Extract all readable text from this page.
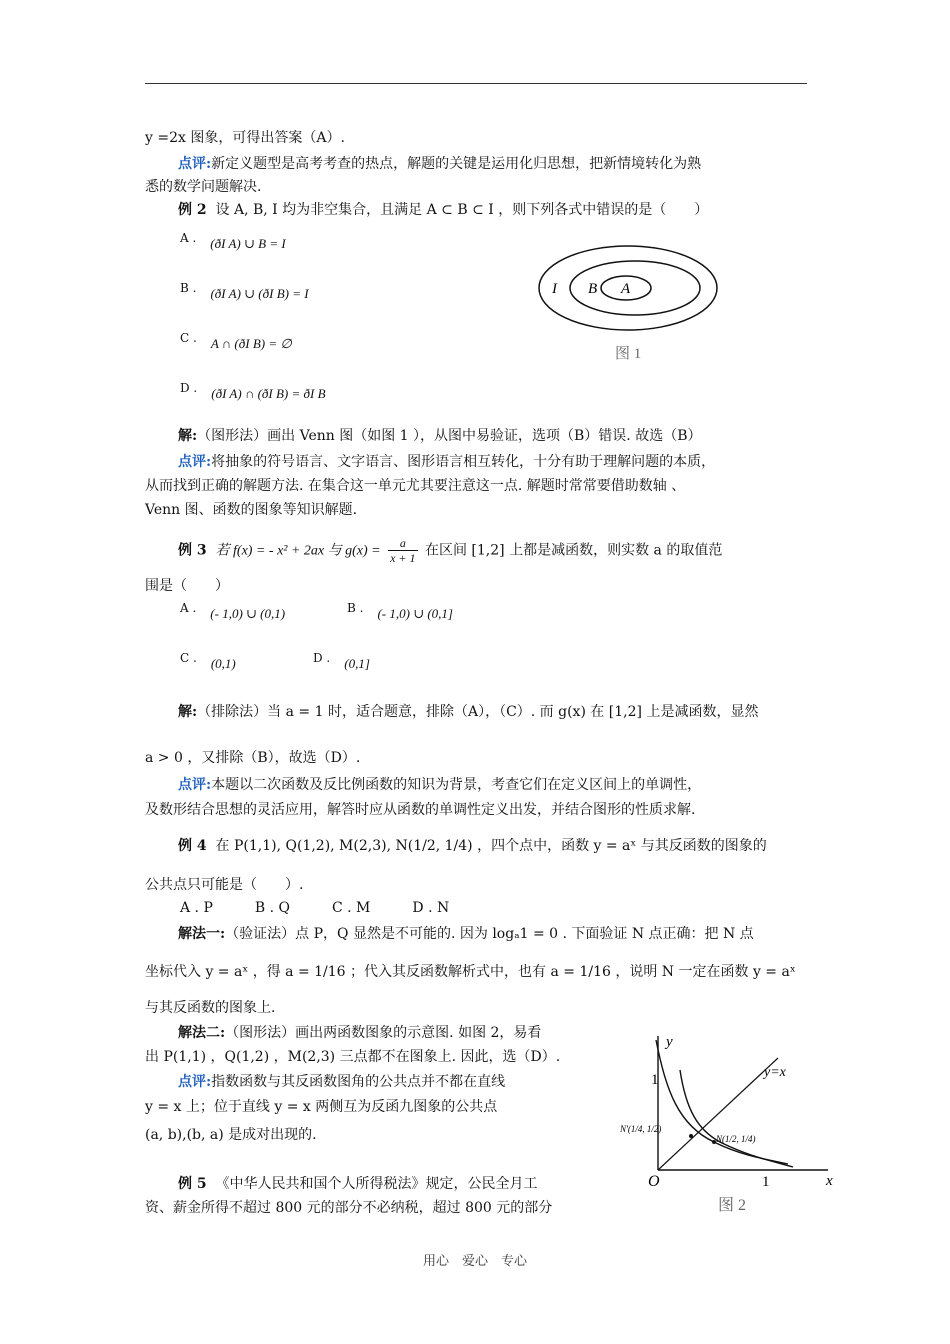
y =2x 图象，可得出答案（A）.
点评:新定义题型是高考考查的热点，解题的关键是运用化归思想，把新情境转化为熟
悉的数学问题解决.
例 2 设 A, B, I 均为非空集合，且满足 A ⊂ B ⊂ I ，则下列各式中错误的是（　　）
A . (ðI A) ∪ B = I
B . (ðI A) ∪ (ðI B) = I
C . A ∩ (ðI B) = ∅
D . (ðI A) ∩ (ðI B) = ðI B
I B A
图 1
解:（图形法）画出 Venn 图（如图 1 ），从图中易验证，选项（B）错误. 故选（B）
点评:将抽象的符号语言、文字语言、图形语言相互转化，十分有助于理解问题的本质，
从而找到正确的解题方法. 在集合这一单元尤其要注意这一点. 解题时常常要借助数轴 、
Venn 图、函数的图象等知识解题.
例 3 若 f(x) = - x² + 2ax 与 $g(x) = \frac{a}{x + 1}$ 在区间 [1,2] 上都是减函数，则实数 a 的取值范
围是（　　）
A . (- 1,0) ∪ (0,1)	B . (- 1,0) ∪ (0,1]
C . (0,1)	D . (0,1]
解:（排除法）当 a = 1 时，适合题意，排除（A），（C）. 而 g(x) 在 [1,2] 上是减函数，显然
a > 0 ，又排除（B），故选（D）.
点评:本题以二次函数及反比例函数的知识为背景，考查它们在定义区间上的单调性，
及数形结合思想的灵活应用，解答时应从函数的单调性定义出发，并结合图形的性质求解.
例 4 在 P(1,1), Q(1,2), M(2,3), N(1/2, 1/4) ，四个点中，函数 y = aˣ 与其反函数的图象的
公共点只可能是（　　）.
A . P　　　B . Q　　　C . M　　　D . N
解法一:（验证法）点 P，Q 显然是不可能的. 因为 logₐ1 = 0 . 下面验证 N 点正确：把 N 点
坐标代入 y = aˣ ，得 a = 1/16 ；代入其反函数解析式中，也有 a = 1/16 ，说明 N 一定在函数 y = aˣ
与其反函数的图象上.
解法二:（图形法）画出两函数图象的示意图. 如图 2，易看
出 P(1,1) ，Q(1,2) ，M(2,3) 三点都不在图象上. 因此，选（D）.
点评:指数函数与其反函数图角的公共点并不都在直线
y = x 上；位于直线 y = x 两侧互为反函九图象的公共点
(a, b),(b, a) 是成对出现的.
例 5 《中华人民共和国个人所得税法》规定，公民全月工
资、薪金所得不超过 800 元的部分不必纳税，超过 800 元的部分
y
x
O
1
1
y=x
N'(1/4, 1/2)
N(1/2, 1/4)
图 2
用心　爱心　专心
